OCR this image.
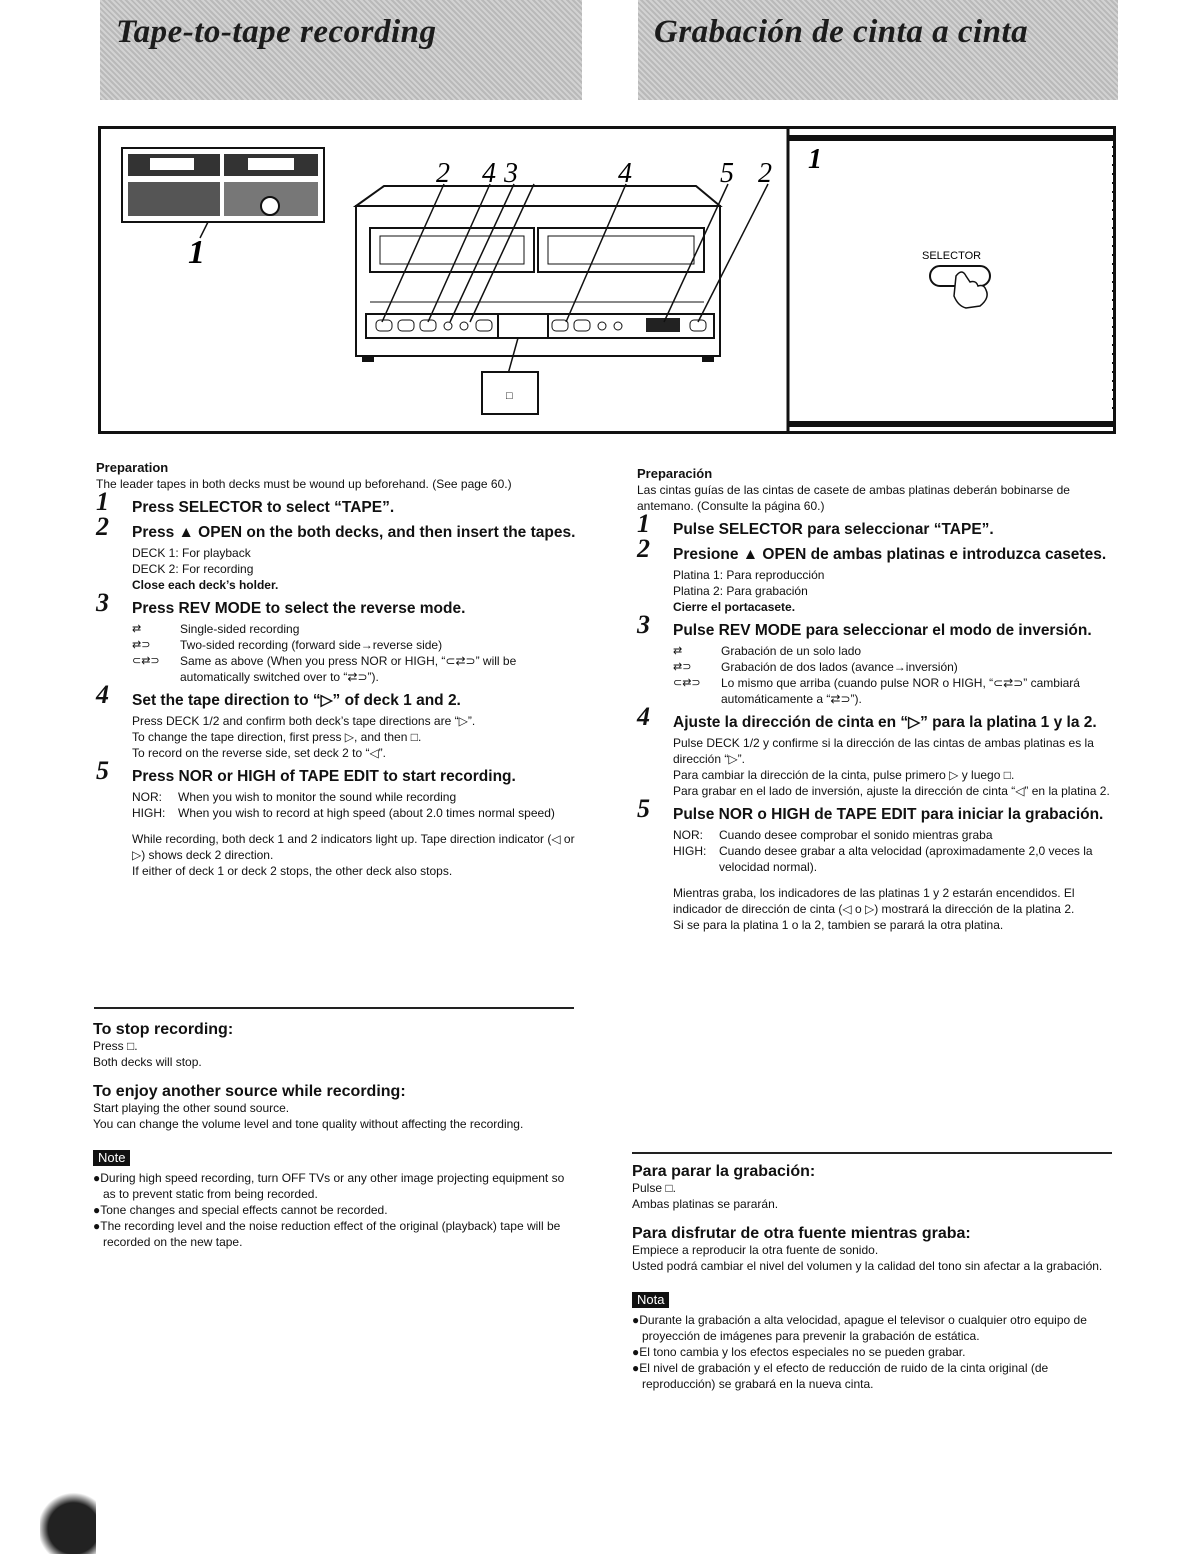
Tape-to-tape recording	Grabación de cinta a cinta
1
2 4 3	4	5 2
□
1
SELECTOR
Preparation
The leader tapes in both decks must be wound up beforehand. (See page 60.)
1 Press SELECTOR to select “TAPE”.
2 Press ▲ OPEN on the both decks, and then insert the tapes.
DECK 1: For playback
DECK 2: For recording
Close each deck’s holder.
3 Press REV MODE to select the reverse mode.
⇄	Single-sided recording
⇄⊃	Two-sided recording (forward side→reverse side)
⊂⇄⊃	Same as above (When you press NOR or HIGH, “⊂⇄⊃” will be automatically switched over to “⇄⊃”).
4 Set the tape direction to “▷” of deck 1 and 2.
Press DECK 1/2 and confirm both deck’s tape directions are “▷”.
To change the tape direction, first press ▷, and then □.
To record on the reverse side, set deck 2 to “◁”.
5 Press NOR or HIGH of TAPE EDIT to start recording.
NOR:	When you wish to monitor the sound while recording
HIGH:	When you wish to record at high speed (about 2.0 times normal speed)
While recording, both deck 1 and 2 indicators light up. Tape direction indicator (◁ or ▷) shows deck 2 direction.
If either of deck 1 or deck 2 stops, the other deck also stops.
To stop recording:
Press □.
Both decks will stop.
To enjoy another source while recording:
Start playing the other sound source.
You can change the volume level and tone quality without affecting the recording.
Note
●During high speed recording, turn OFF TVs or any other image projecting equipment so as to prevent static from being recorded.
●Tone changes and special effects cannot be recorded.
●The recording level and the noise reduction effect of the original (playback) tape will be recorded on the new tape.
Preparación
Las cintas guías de las cintas de casete de ambas platinas deberán bobinarse de antemano. (Consulte la página 60.)
1 Pulse SELECTOR para seleccionar “TAPE”.
2 Presione ▲ OPEN de ambas platinas e introduzca casetes.
Platina 1: Para reproducción
Platina 2: Para grabación
Cierre el portacasete.
3 Pulse REV MODE para seleccionar el modo de inversión.
⇄	Grabación de un solo lado
⇄⊃	Grabación de dos lados (avance→inversión)
⊂⇄⊃	Lo mismo que arriba (cuando pulse NOR o HIGH, “⊂⇄⊃” cambiará automáticamente a “⇄⊃”).
4 Ajuste la dirección de cinta en “▷” para la platina 1 y la 2.
Pulse DECK 1/2 y confirme si la dirección de las cintas de ambas platinas es la dirección “▷”.
Para cambiar la dirección de la cinta, pulse primero ▷ y luego □.
Para grabar en el lado de inversión, ajuste la dirección de cinta “◁” en la platina 2.
5 Pulse NOR o HIGH de TAPE EDIT para iniciar la grabación.
NOR:	Cuando desee comprobar el sonido mientras graba
HIGH:	Cuando desee grabar a alta velocidad (aproximadamente 2,0 veces la velocidad normal).
Mientras graba, los indicadores de las platinas 1 y 2 estarán encendidos. El indicador de dirección de cinta (◁ o ▷) mostrará la dirección de la platina 2.
Si se para la platina 1 o la 2, tambien se parará la otra platina.
Para parar la grabación:
Pulse □.
Ambas platinas se pararán.
Para disfrutar de otra fuente mientras graba:
Empiece a reproducir la otra fuente de sonido.
Usted podrá cambiar el nivel del volumen y la calidad del tono sin afectar a la grabación.
Nota
●Durante la grabación a alta velocidad, apague el televisor o cualquier otro equipo de proyección de imágenes para prevenir la grabación de estática.
●El tono cambia y los efectos especiales no se pueden grabar.
●El nivel de grabación y el efecto de reducción de ruido de la cinta original (de reproducción) se grabará en la nueva cinta.
